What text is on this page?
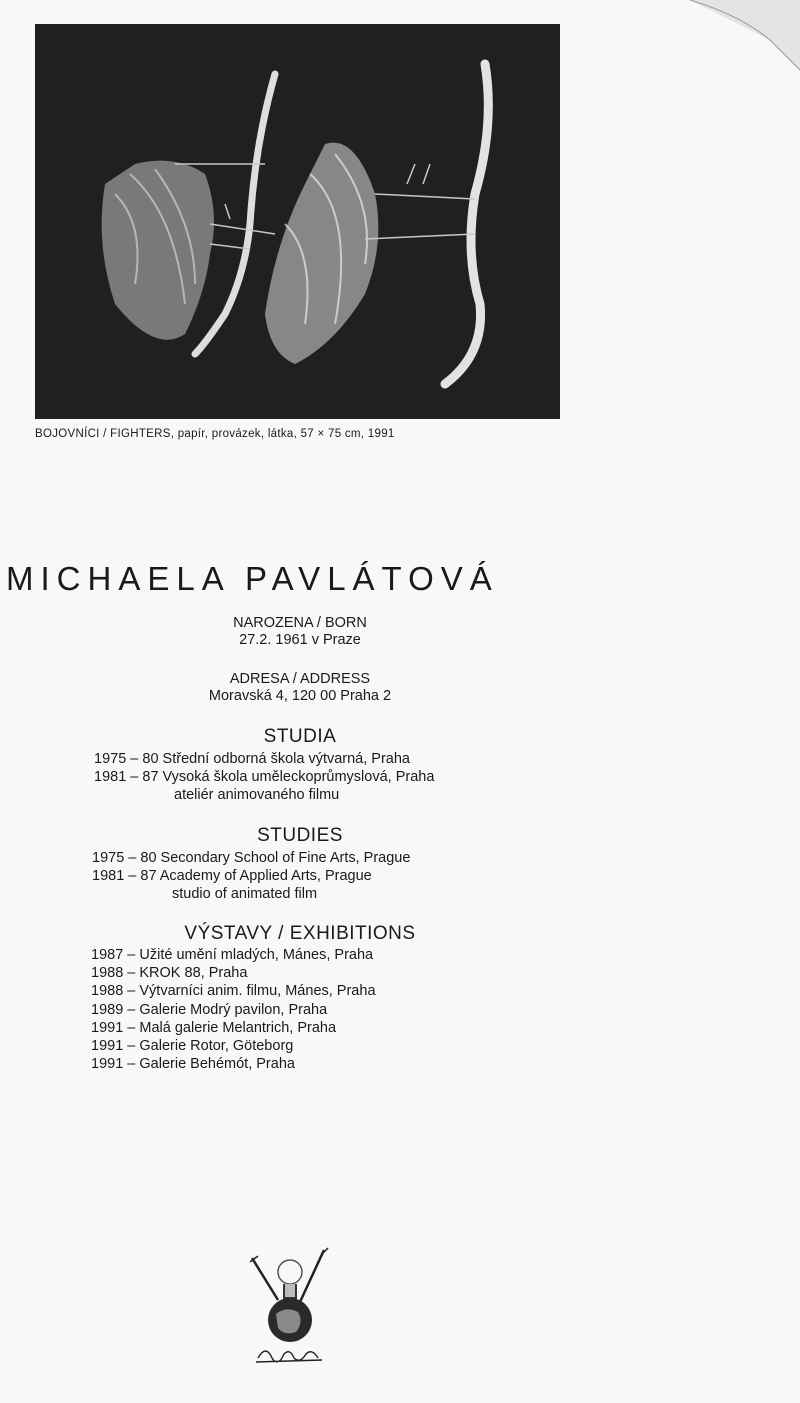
BOJOVNÍCI / FIGHTERS, papír, provázek, látka, 57 × 75 cm, 1991
MICHAELA PAVLÁTOVÁ
NAROZENA / BORN
27.2. 1961 v Praze
ADRESA / ADDRESS
Moravská 4, 120 00 Praha 2
STUDIA
1975 – 80 Střední odborná škola výtvarná, Praha
1981 – 87 Vysoká škola uměleckoprůmyslová, Praha
ateliér animovaného filmu
STUDIES
1975 – 80 Secondary School of Fine Arts, Prague
1981 – 87 Academy of Applied Arts, Prague
studio of animated film
VÝSTAVY / EXHIBITIONS
1987 – Užité umění mladých, Mánes, Praha
1988 – KROK 88, Praha
1988 – Výtvarníci anim. filmu, Mánes, Praha
1989 – Galerie Modrý pavilon, Praha
1991 – Malá galerie Melantrich, Praha
1991 – Galerie Rotor, Göteborg
1991 – Galerie Behémót, Praha
